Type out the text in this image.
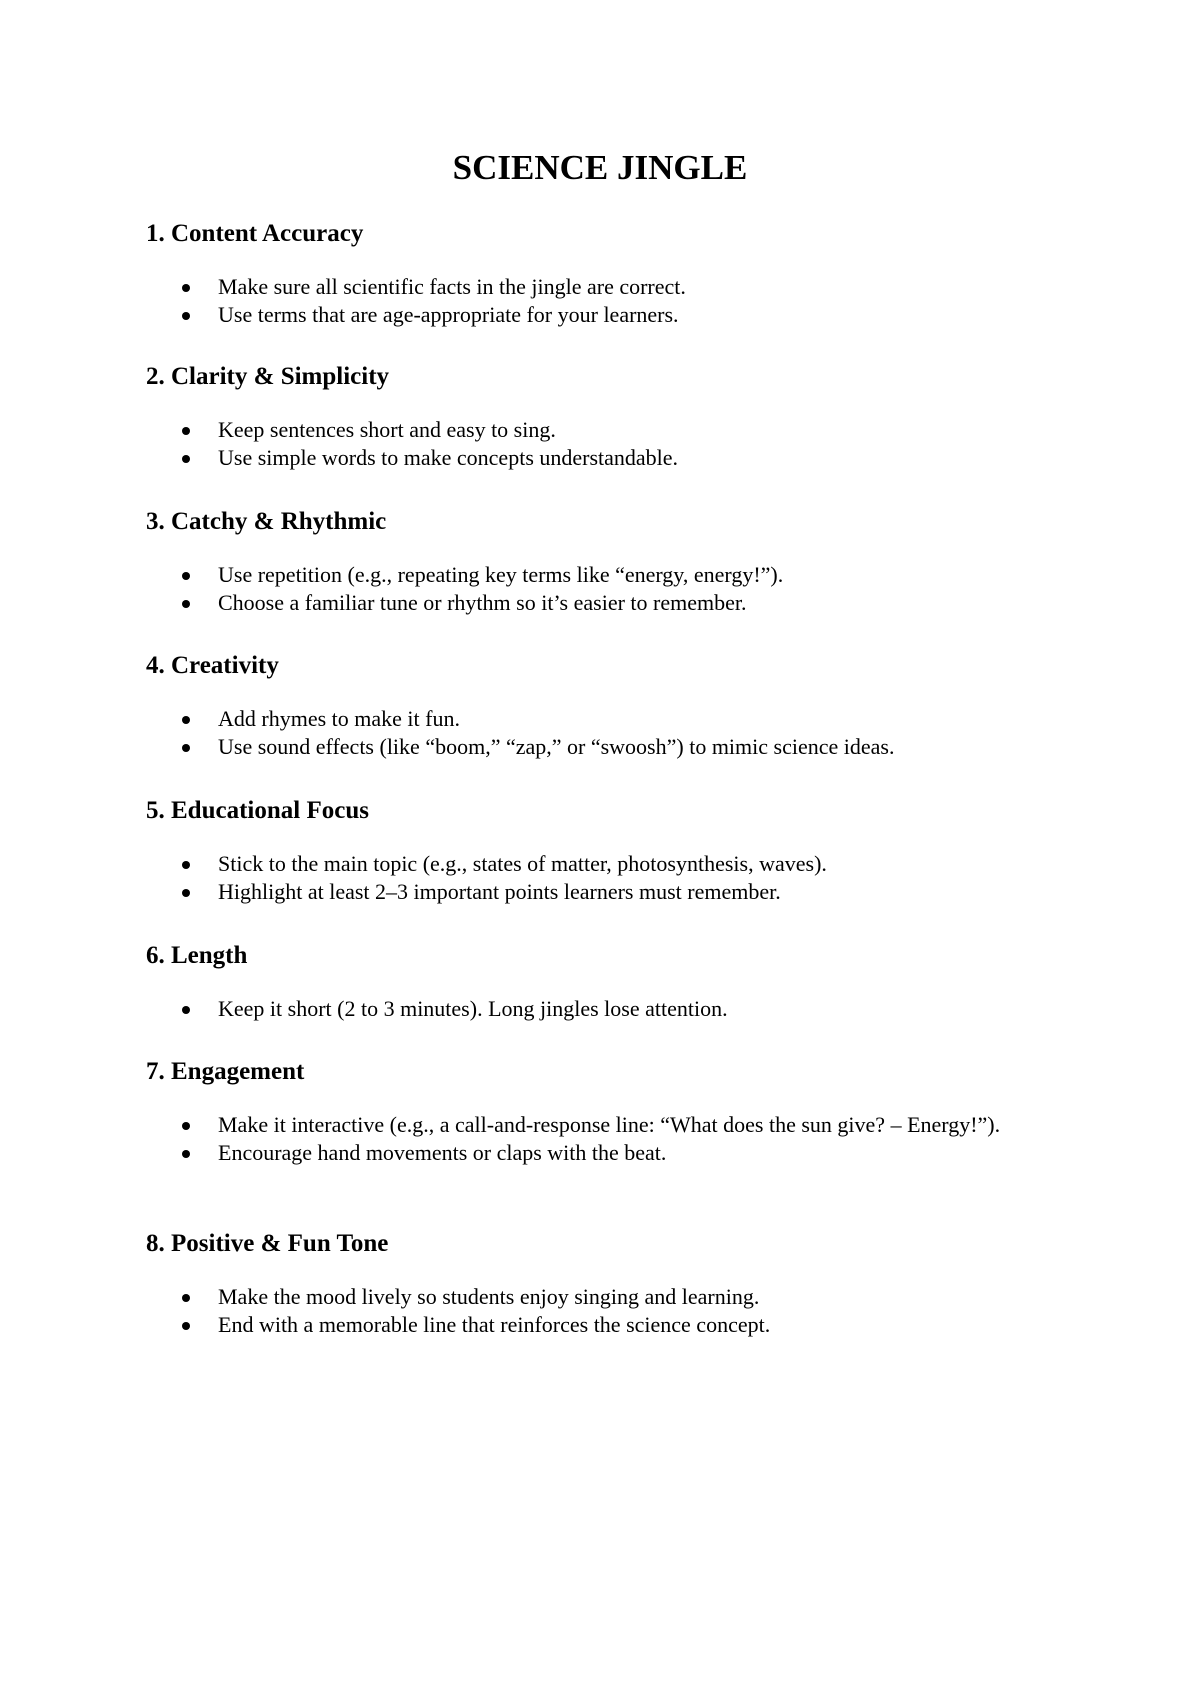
SCIENCE JINGLE
1. Content Accuracy
Make sure all scientific facts in the jingle are correct.
Use terms that are age-appropriate for your learners.
2. Clarity & Simplicity
Keep sentences short and easy to sing.
Use simple words to make concepts understandable.
3. Catchy & Rhythmic
Use repetition (e.g., repeating key terms like “energy, energy!”).
Choose a familiar tune or rhythm so it’s easier to remember.
4. Creativity
Add rhymes to make it fun.
Use sound effects (like “boom,” “zap,” or “swoosh”) to mimic science ideas.
5. Educational Focus
Stick to the main topic (e.g., states of matter, photosynthesis, waves).
Highlight at least 2–3 important points learners must remember.
6. Length
Keep it short (2 to 3 minutes). Long jingles lose attention.
7. Engagement
Make it interactive (e.g., a call-and-response line: “What does the sun give? – Energy!”).
Encourage hand movements or claps with the beat.
8. Positive & Fun Tone
Make the mood lively so students enjoy singing and learning.
End with a memorable line that reinforces the science concept.
